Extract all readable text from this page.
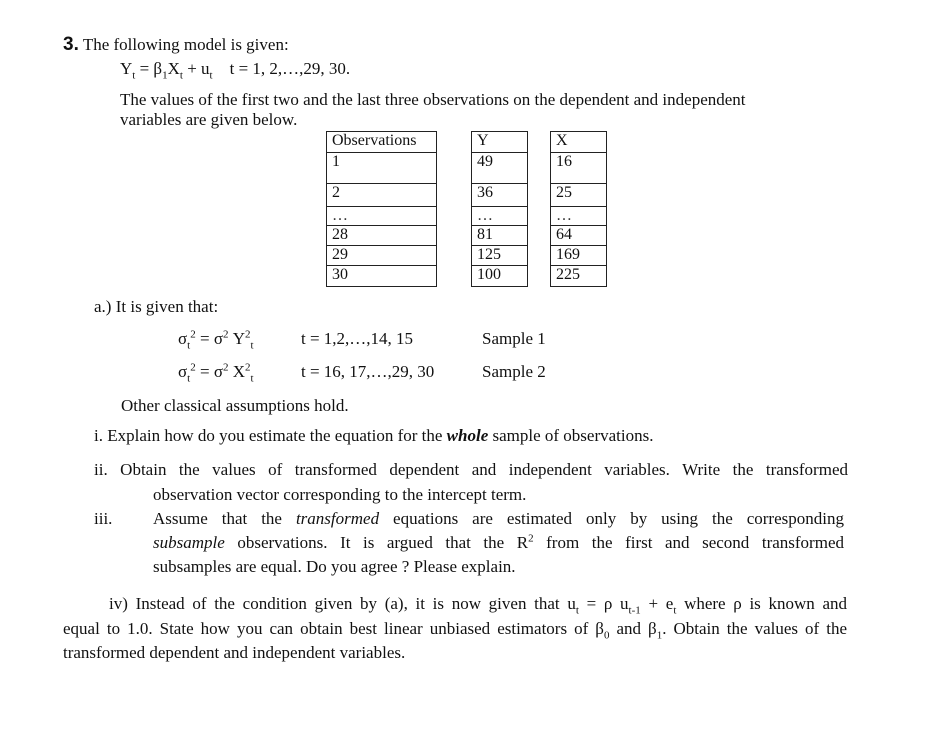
3. The following model is given:
$Y_t = \beta_1X_t + u_t$ t = 1, 2,…,29, 30.
The values of the first two and the last three observations on the dependent and independent variables are given below.
Observations		Y		X
1		49		16
2		36		25
…		…		…
28		81		64
29		125		169
30		100		225
a.) It is given that:
$\sigma_t^2 = \sigma^2$ $Y^2_t$	t = 1,2,…,14, 15	Sample 1
$\sigma_t^2 = \sigma^2$ $X^2_t$	t = 16, 17,…,29, 30	Sample 2
Other classical assumptions hold.
i. Explain how do you estimate the equation for the whole sample of observations.
ii. Obtain the values of transformed dependent and independent variables. Write the transformed
observation vector corresponding to the intercept term.
iii. Assume that the transformed equations are estimated only by using the corresponding
subsample observations. It is argued that the $R^2$ from the first and second transformed
subsamples are equal. Do you agree ? Please explain.
iv) Instead of the condition given by (a), it is now given that $u_t = \rho$ $u_{t-1} + e_t$ where ρ is known and
equal to 1.0. State how you can obtain best linear unbiased estimators of $\beta_0$ and $\beta_1$. Obtain the values of the
transformed dependent and independent variables.
